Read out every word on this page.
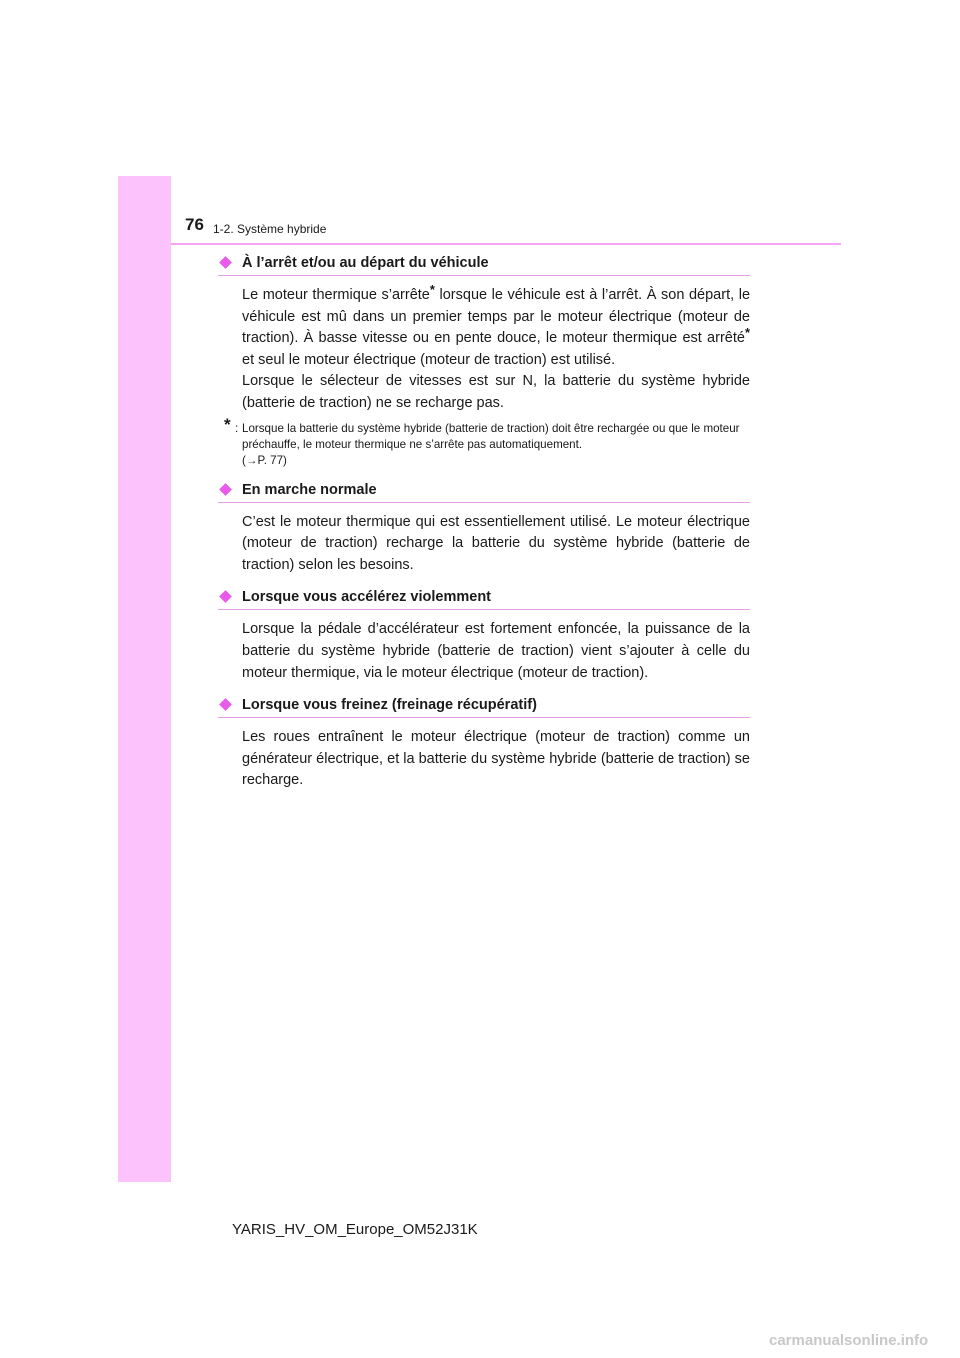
76 1-2. Système hybride
À l’arrêt et/ou au départ du véhicule

Le moteur thermique s’arrête* lorsque le véhicule est à l’arrêt. À son départ, le véhicule est mû dans un premier temps par le moteur électrique (moteur de traction). À basse vitesse ou en pente douce, le moteur thermique est arrêté* et seul le moteur électrique (moteur de traction) est utilisé.

Lorsque le sélecteur de vitesses est sur N, la batterie du système hybride (batterie de traction) ne se recharge pas.

* : Lorsque la batterie du système hybride (batterie de traction) doit être rechargée ou que le moteur préchauffe, le moteur thermique ne s’arrête pas automatiquement.

(→P. 77)

En marche normale
C’est le moteur thermique qui est essentiellement utilisé. Le moteur électrique (moteur de traction) recharge la batterie du système hybride (batterie de traction) selon les besoins.
Lorsque vous accélérez violemment
Lorsque la pédale d’accélérateur est fortement enfoncée, la puissance de la batterie du système hybride (batterie de traction) vient s’ajouter à celle du moteur thermique, via le moteur électrique (moteur de traction).
Lorsque vous freinez (freinage récupératif)
Les roues entraînent le moteur électrique (moteur de traction) comme un générateur électrique, et la batterie du système hybride (batterie de traction) se recharge.
YARIS_HV_OM_Europe_OM52J31K
carmanualsonline.info
